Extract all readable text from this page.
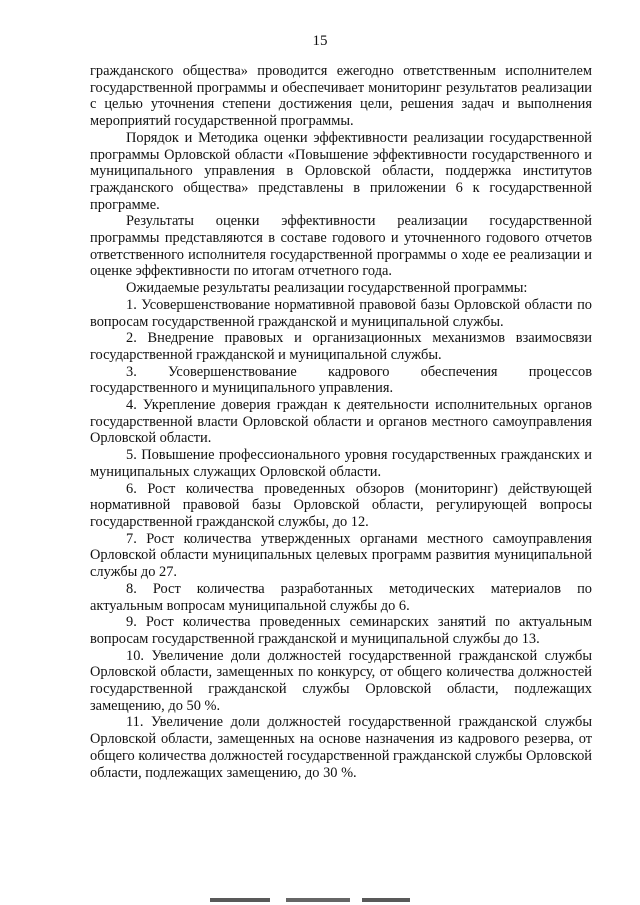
15

гражданского общества» проводится ежегодно ответственным исполнителем государственной программы и обеспечивает мониторинг результатов реализации с целью уточнения степени достижения цели, решения задач и выполнения мероприятий государственной программы.

Порядок и Методика оценки эффективности реализации государственной программы Орловской области «Повышение эффективности государственного и муниципального управления в Орловской области, поддержка институтов гражданского общества» представлены в приложении 6 к государственной программе.

Результаты оценки эффективности реализации государственной программы представляются в составе годового и уточненного годового отчетов ответственного исполнителя государственной программы о ходе ее реализации и оценке эффективности по итогам отчетного года.

Ожидаемые результаты реализации государственной программы:

1. Усовершенствование нормативной правовой базы Орловской области по вопросам государственной гражданской и муниципальной службы.

2. Внедрение правовых и организационных механизмов взаимосвязи государственной гражданской и муниципальной службы.

3. Усовершенствование кадрового обеспечения процессов государственного и муниципального управления.

4. Укрепление доверия граждан к деятельности исполнительных органов государственной власти Орловской области и органов местного самоуправления Орловской области.

5. Повышение профессионального уровня государственных гражданских и муниципальных служащих Орловской области.

6. Рост количества проведенных обзоров (мониторинг) действующей нормативной правовой базы Орловской области, регулирующей вопросы государственной гражданской службы, до 12.

7. Рост количества утвержденных органами местного самоуправления Орловской области муниципальных целевых программ развития муниципальной службы до 27.

8. Рост количества разработанных методических материалов по актуальным вопросам муниципальной службы до 6.

9. Рост количества проведенных семинарских занятий по актуальным вопросам государственной гражданской и муниципальной службы до 13.

10. Увеличение доли должностей государственной гражданской службы Орловской области, замещенных по конкурсу, от общего количества должностей государственной гражданской службы Орловской области, подлежащих замещению, до 50 %.

11. Увеличение доли должностей государственной гражданской службы Орловской области, замещенных на основе назначения из кадрового резерва, от общего количества должностей государственной гражданской службы Орловской области, подлежащих замещению, до 30 %.
